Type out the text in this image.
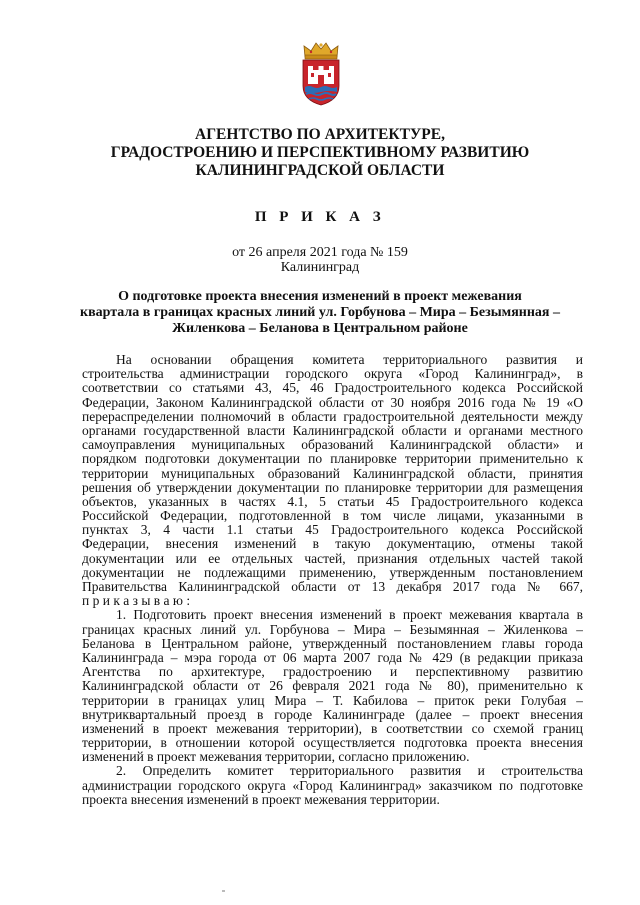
АГЕНТСТВО ПО АРХИТЕКТУРЕ,
ГРАДОСТРОЕНИЮ И ПЕРСПЕКТИВНОМУ РАЗВИТИЮ
КАЛИНИНГРАДСКОЙ ОБЛАСТИ
П Р И К А З
от 26 апреля 2021 года № 159
Калининград
О подготовке проекта внесения изменений в проект межевания
квартала в границах красных линий ул. Горбунова – Мира – Безымянная –
Жиленкова – Беланова в Центральном районе
На основании обращения комитета территориального развития и
строительства администрации городского округа «Город Калининград», в
соответствии со статьями 43, 45, 46 Градостроительного кодекса Российской
Федерации, Законом Калининградской области от 30 ноября 2016 года № 19 «О
перераспределении полномочий в области градостроительной деятельности между
органами государственной власти Калининградской области и органами местного
самоуправления муниципальных образований Калининградской области» и
порядком подготовки документации по планировке территории применительно к
территории муниципальных образований Калининградской области, принятия
решения об утверждении документации по планировке территории для размещения
объектов, указанных в частях 4.1, 5 статьи 45 Градостроительного кодекса
Российской Федерации, подготовленной в том числе лицами, указанными в
пунктах 3, 4 части 1.1 статьи 45 Градостроительного кодекса Российской
Федерации, внесения изменений в такую документацию, отмены такой
документации или ее отдельных частей, признания отдельных частей такой
документации не подлежащими применению, утвержденным постановлением
Правительства Калининградской области от 13 декабря 2017 года № 667,
п р и к а з ы в а ю :
1. Подготовить проект внесения изменений в проект межевания квартала в
границах красных линий ул. Горбунова – Мира – Безымянная – Жиленкова –
Беланова в Центральном районе, утвержденный постановлением главы города
Калининграда – мэра города от 06 марта 2007 года № 429 (в редакции приказа
Агентства по архитектуре, градостроению и перспективному развитию
Калининградской области от 26 февраля 2021 года № 80), применительно к
территории в границах улиц Мира – Т. Кабилова – приток реки Голубая –
внутриквартальный проезд в городе Калининграде (далее – проект внесения
изменений в проект межевания территории), в соответствии со схемой границ
территории, в отношении которой осуществляется подготовка проекта внесения
изменений в проект межевания территории, согласно приложению.
2. Определить комитет территориального развития и строительства
администрации городского округа «Город Калининград» заказчиком по подготовке
проекта внесения изменений в проект межевания территории.
